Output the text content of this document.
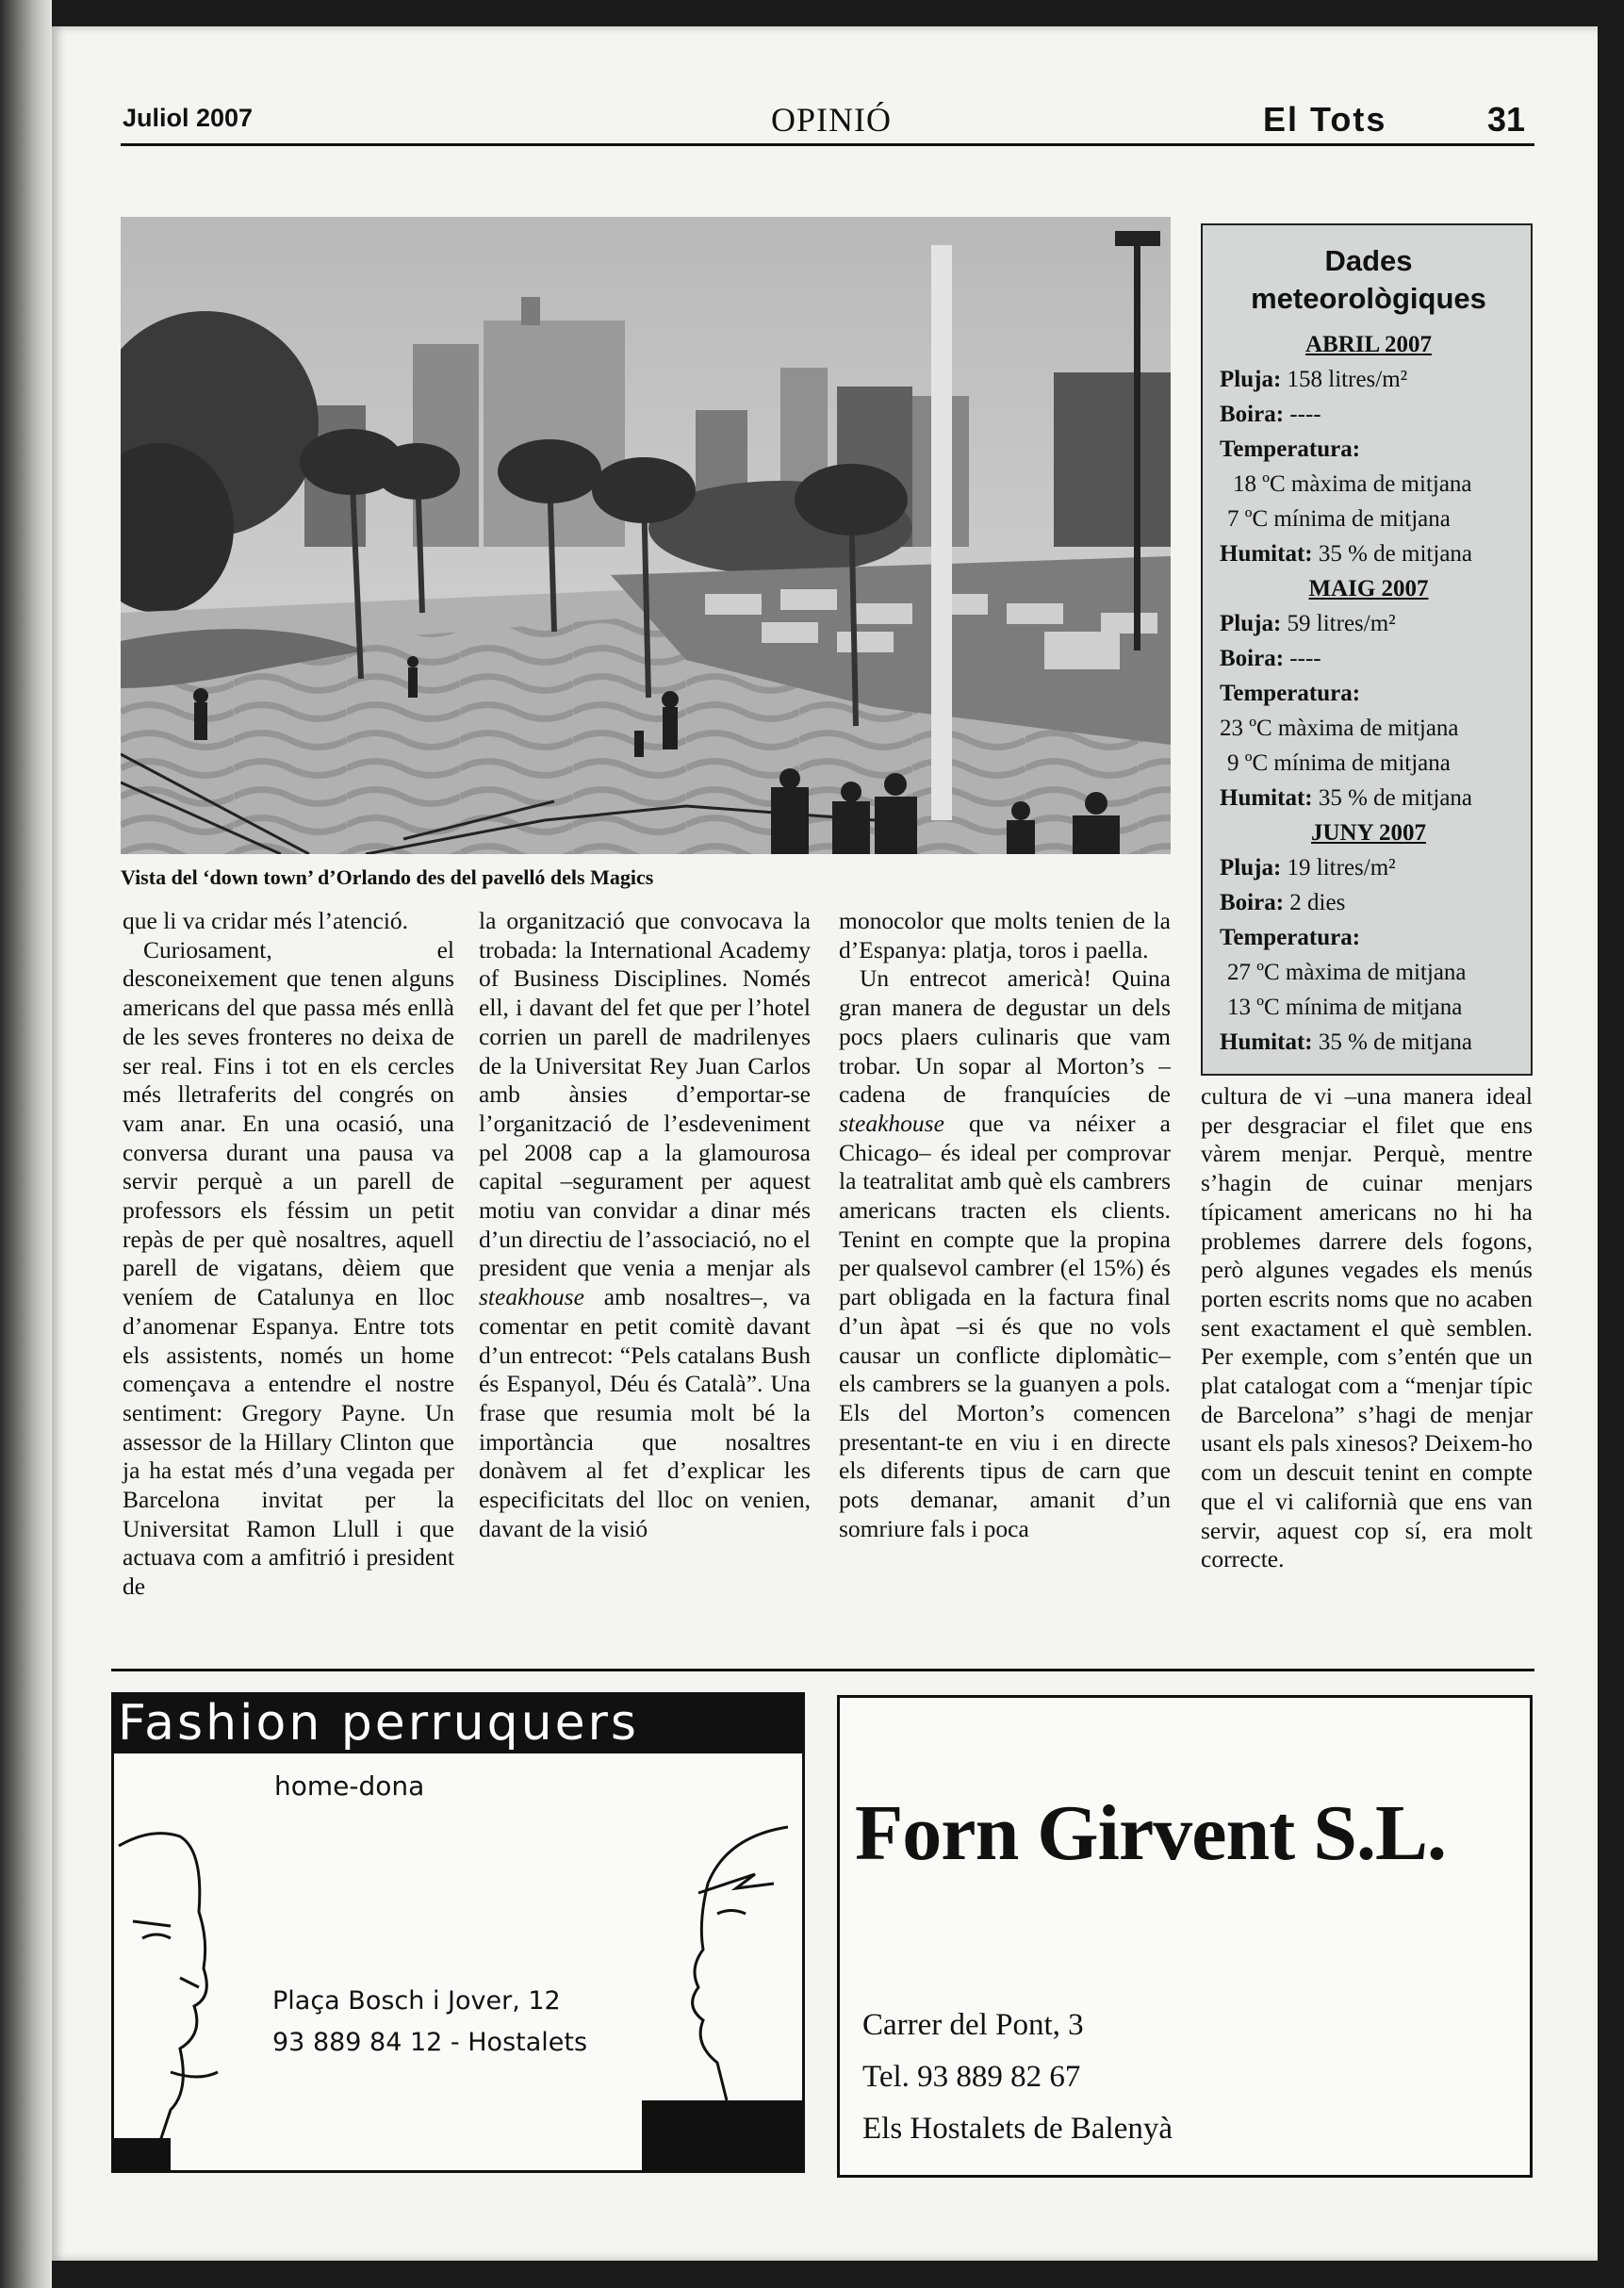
Juliol 2007	OPINIÓ	El Tots	31
Vista del ‘down town’ d’Orlando des del pavelló dels Magics
Dades
meteorològiques
ABRIL 2007
Pluja: 158 litres/m²
Boira: ----
Temperatura:
18 ºC màxima de mitjana
7 ºC mínima de mitjana
Humitat: 35 % de mitjana
MAIG 2007
Pluja: 59 litres/m²
Boira: ----
Temperatura:
23 ºC màxima de mitjana
9 ºC mínima de mitjana
Humitat: 35 % de mitjana
JUNY 2007
Pluja: 19 litres/m²
Boira: 2 dies
Temperatura:
27 ºC màxima de mitjana
13 ºC mínima de mitjana
Humitat: 35 % de mitjana

que li va cridar més l’atenció.

Curiosament, el desconeixement que tenen alguns americans del que passa més enllà de les seves fronteres no deixa de ser real. Fins i tot en els cercles més lletraferits del congrés on vam anar. En una ocasió, una conversa durant una pausa va servir perquè a un parell de professors els féssim un petit repàs de per què nosaltres, aquell parell de vigatans, dèiem que veníem de Catalunya en lloc d’anomenar Espanya. Entre tots els assistents, només un home començava a entendre el nostre sentiment: Gregory Payne. Un assessor de la Hillary Clinton que ja ha estat més d’una vegada per Barcelona invitat per la Universitat Ramon Llull i que actuava com a amfitrió i president de

la organització que convocava la trobada: la International Academy of Business Disciplines. Només ell, i davant del fet que per l’hotel corrien un parell de madrilenyes de la Universitat Rey Juan Carlos amb ànsies d’emportar-se l’organització de l’esdeveniment pel 2008 cap a la glamourosa capital –segurament per aquest motiu van convidar a dinar més d’un directiu de l’associació, no el president que venia a menjar als steakhouse amb nosaltres–, va comentar en petit comitè davant d’un entrecot: “Pels catalans Bush és Espanyol, Déu és Català”. Una frase que resumia molt bé la importància que nosaltres donàvem al fet d’explicar les especificitats del lloc on venien, davant de la visió

monocolor que molts tenien de la d’Espanya: platja, toros i paella.

Un entrecot americà! Quina gran manera de degustar un dels pocs plaers culinaris que vam trobar. Un sopar al Morton’s –cadena de franquícies de steakhouse que va néixer a Chicago– és ideal per comprovar la teatralitat amb què els cambrers americans tracten els clients. Tenint en compte que la propina per qualsevol cambrer (el 15%) és part obligada en la factura final d’un àpat –si és que no vols causar un conflicte diplomàtic– els cambrers se la guanyen a pols. Els del Morton’s comencen presentant-te en viu i en directe els diferents tipus de carn que pots demanar, amanit d’un somriure fals i poca

cultura de vi –una manera ideal per desgraciar el filet que ens vàrem menjar. Perquè, mentre s’hagin de cuinar menjars típicament americans no hi ha problemes darrere dels fogons, però algunes vegades els menús porten escrits noms que no acaben sent exactament el què semblen. Per exemple, com s’entén que un plat catalogat com a “menjar típic de Barcelona” s’hagi de menjar usant els pals xinesos? Deixem-ho com un descuit tenint en compte que el vi californià que ens van servir, aquest cop sí, era molt correcte.

Fashion perruquers
home-dona
Plaça Bosch i Jover, 12
93 889 84 12 - Hostalets
Forn Girvent S.L.
Carrer del Pont, 3
Tel. 93 889 82 67
Els Hostalets de Balenyà
